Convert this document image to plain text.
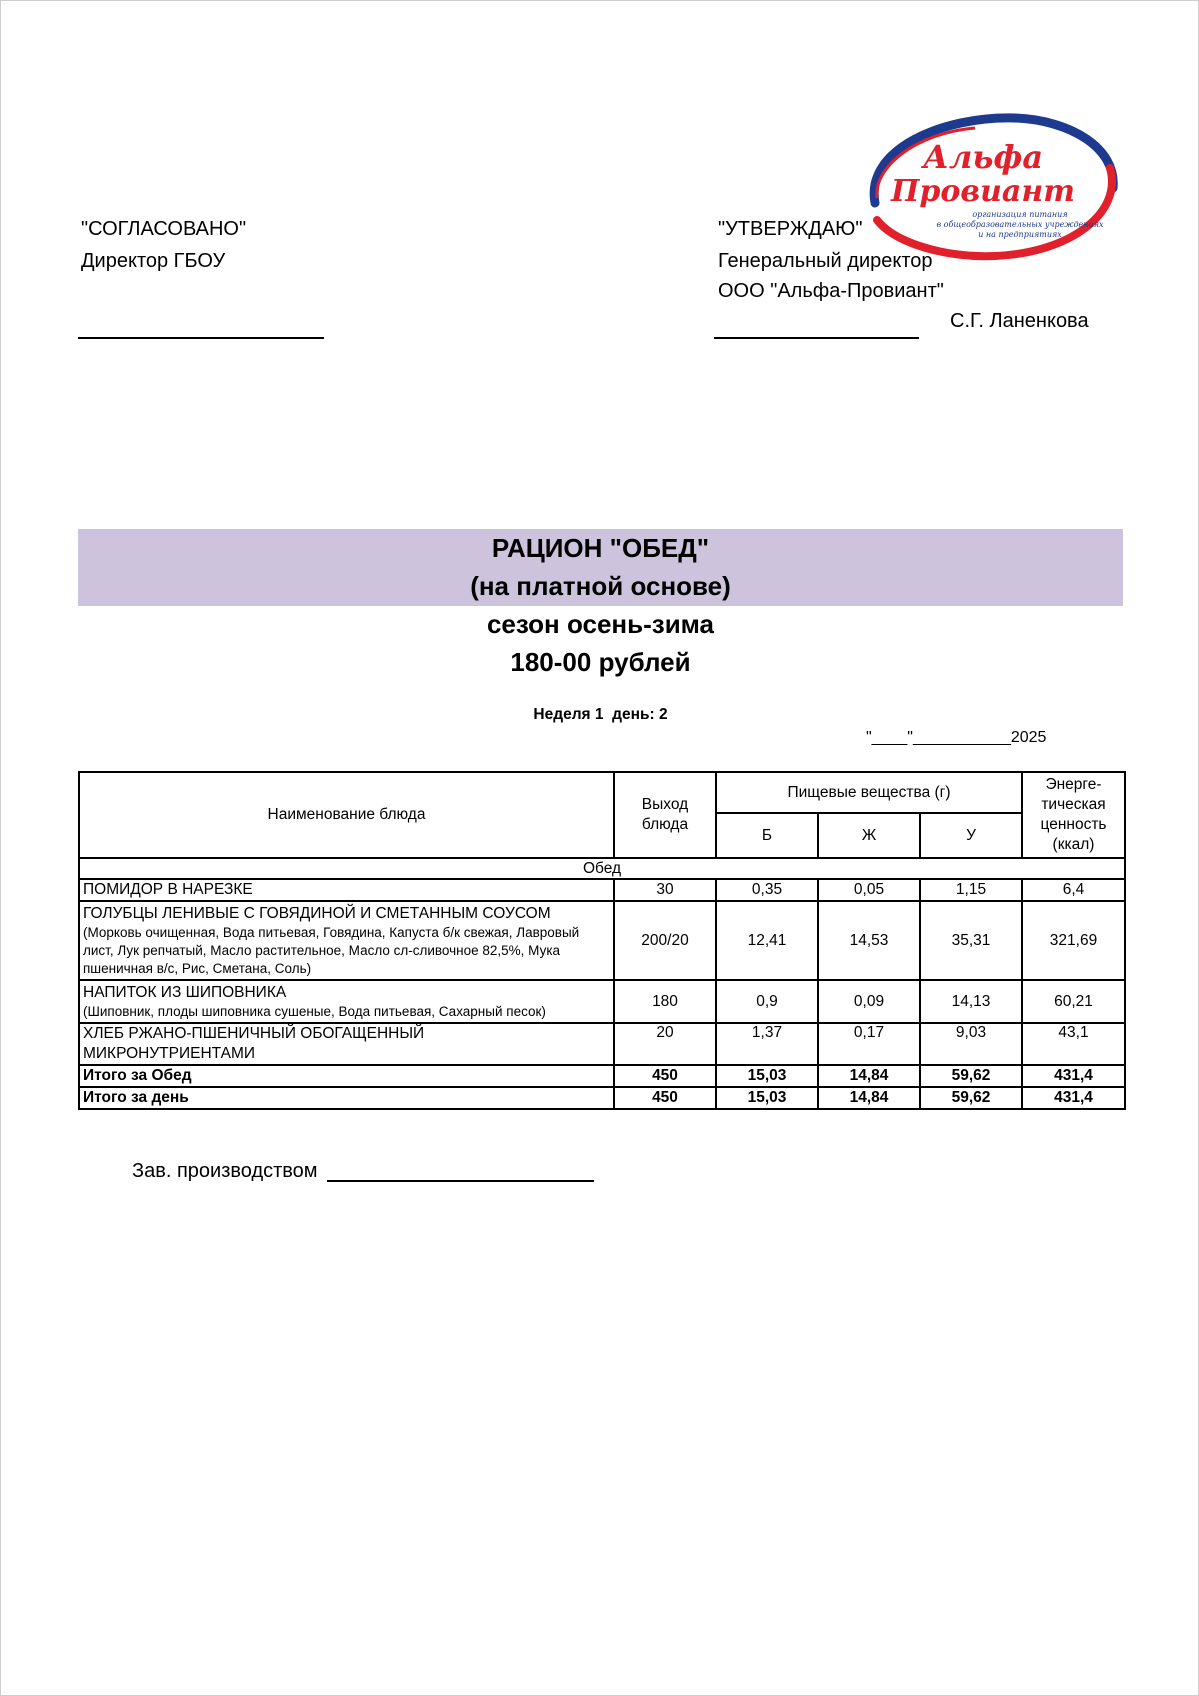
Альфа
Провиант
организация питания
в общеобразовательных учреждениях
и на предприятиях
"СОГЛАСОВАНО"
Директор ГБОУ
"УТВЕРЖДАЮ"
Генеральный директор
ООО "Альфа-Провиант"
С.Г. Ланенкова
РАЦИОН "ОБЕД"
(на платной основе)
сезон осень-зима
180-00 рублей
Неделя 1  день: 2
"____"___________2025
Наименование блюда	Выход блюда	Пищевые вещества (г)			Энерге-тическая ценность (ккал)
		Б	Ж	У	
Обед					

ПОМИДОР В НАРЕЗКЕ	30	0,35	0,05	1,15	6,4

ГОЛУБЦЫ ЛЕНИВЫЕ С ГОВЯДИНОЙ И СМЕТАННЫМ СОУСОМ
(Морковь очищенная, Вода питьевая, Говядина, Капуста б/к свежая, Лавровый лист, Лук репчатый, Масло растительное, Масло сл-сливочное 82,5%, Мука пшеничная в/с, Рис, Сметана, Соль)	200/20	12,41	14,53	35,31	321,69

НАПИТОК ИЗ ШИПОВНИКА
(Шиповник, плоды шиповника сушеные, Вода питьевая, Сахарный песок)	180	0,9	0,09	14,13	60,21

ХЛЕБ РЖАНО-ПШЕНИЧНЫЙ ОБОГАЩЕННЫЙ МИКРОНУТРИЕНТАМИ	20	1,37	0,17	9,03	43,1
Итого за Обед	450	15,03	14,84	59,62	431,4
Итого за день	450	15,03	14,84	59,62	431,4
Зав. производством
